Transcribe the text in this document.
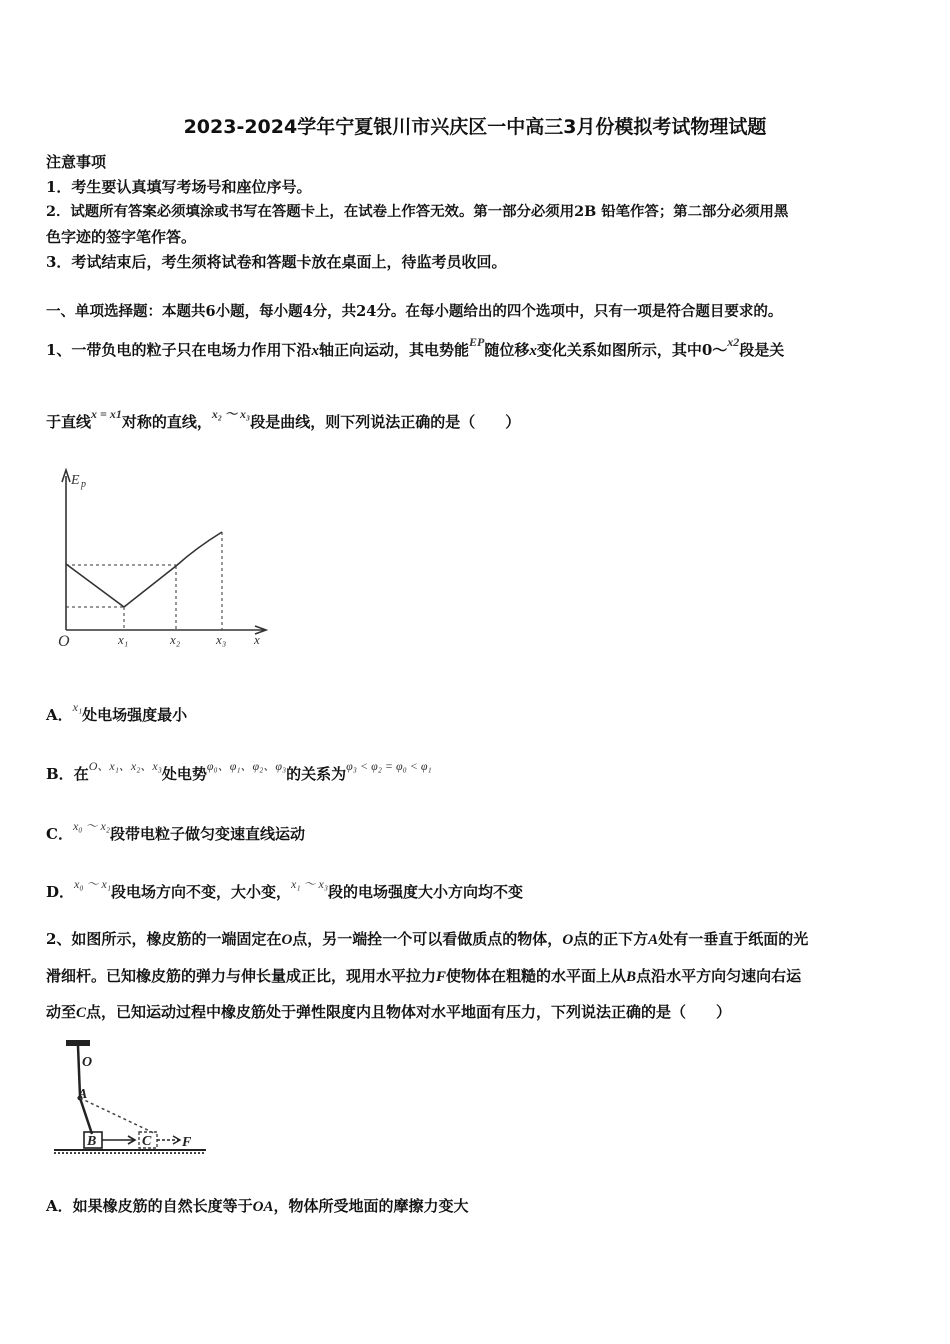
2023-2024学年宁夏银川市兴庆区一中高三3月份模拟考试物理试题
注意事项
1．考生要认真填写考场号和座位序号。
2．试题所有答案必须填涂或书写在答题卡上，在试卷上作答无效。第一部分必须用2B 铅笔作答；第二部分必须用黑
色字迹的签字笔作答。
3．考试结束后，考生须将试卷和答题卡放在桌面上，待监考员收回。
一、单项选择题：本题共6小题，每小题4分，共24分。在每小题给出的四个选项中，只有一项是符合题目要求的。
1、一带负电的粒子只在电场力作用下沿x轴正向运动，其电势能$^{EP}$随位移x变化关系如图所示，其中0～$^{x2}$段是关
于直线$^{x = x1}$对称的直线，$^{x_2 \sim x_3}$段是曲线，则下列说法正确的是（　　）
E p
O	x₁	x₂	x₃ x
A．$^{x_1}$处电场强度最小
B．在$^{O、x_1、x_2、x_3}$处电势$^{\varphi_0、\varphi_1、\varphi_2、\varphi_3}$的关系为$^{\varphi_3 < \varphi_2 = \varphi_0 < \varphi_1}$
C．$^{x_0 \sim x_2}$段带电粒子做匀变速直线运动
D．$^{x_0 \sim x_1}$段电场方向不变，大小变，$^{x_1 \sim x_3}$段的电场强度大小方向均不变
2、如图所示，橡皮筋的一端固定在O点，另一端拴一个可以看做质点的物体，O点的正下方A处有一垂直于纸面的光
滑细杆。已知橡皮筋的弹力与伸长量成正比，现用水平拉力F使物体在粗糙的水平面上从B点沿水平方向匀速向右运
动至C点，已知运动过程中橡皮筋处于弹性限度内且物体对水平地面有压力，下列说法正确的是（　　）
O
A
B	C F
A．如果橡皮筋的自然长度等于OA，物体所受地面的摩擦力变大
